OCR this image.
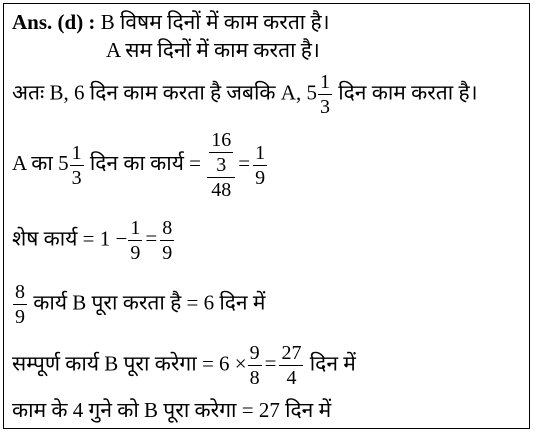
Ans. (d) : B विषम दिनों में काम करता है।
A सम दिनों में काम करता है।
अतः B, 6 दिन काम करता है जबकि A, $5 \frac{1}{3}$ दिन काम करता है।
A का $5 \frac{1}{3}$ दिन का कार्य = $\frac{\frac{16}{3}}{48} = \frac{1}{9}$
शेष कार्य = $1 - \frac{1}{9} = \frac{8}{9}$
$\frac{8}{9}$ कार्य B पूरा करता है = 6 दिन में
सम्पूर्ण कार्य B पूरा करेगा = $6 \times \frac{9}{8} = \frac{27}{4}$ दिन में
काम के 4 गुने को B पूरा करेगा = 27 दिन में
